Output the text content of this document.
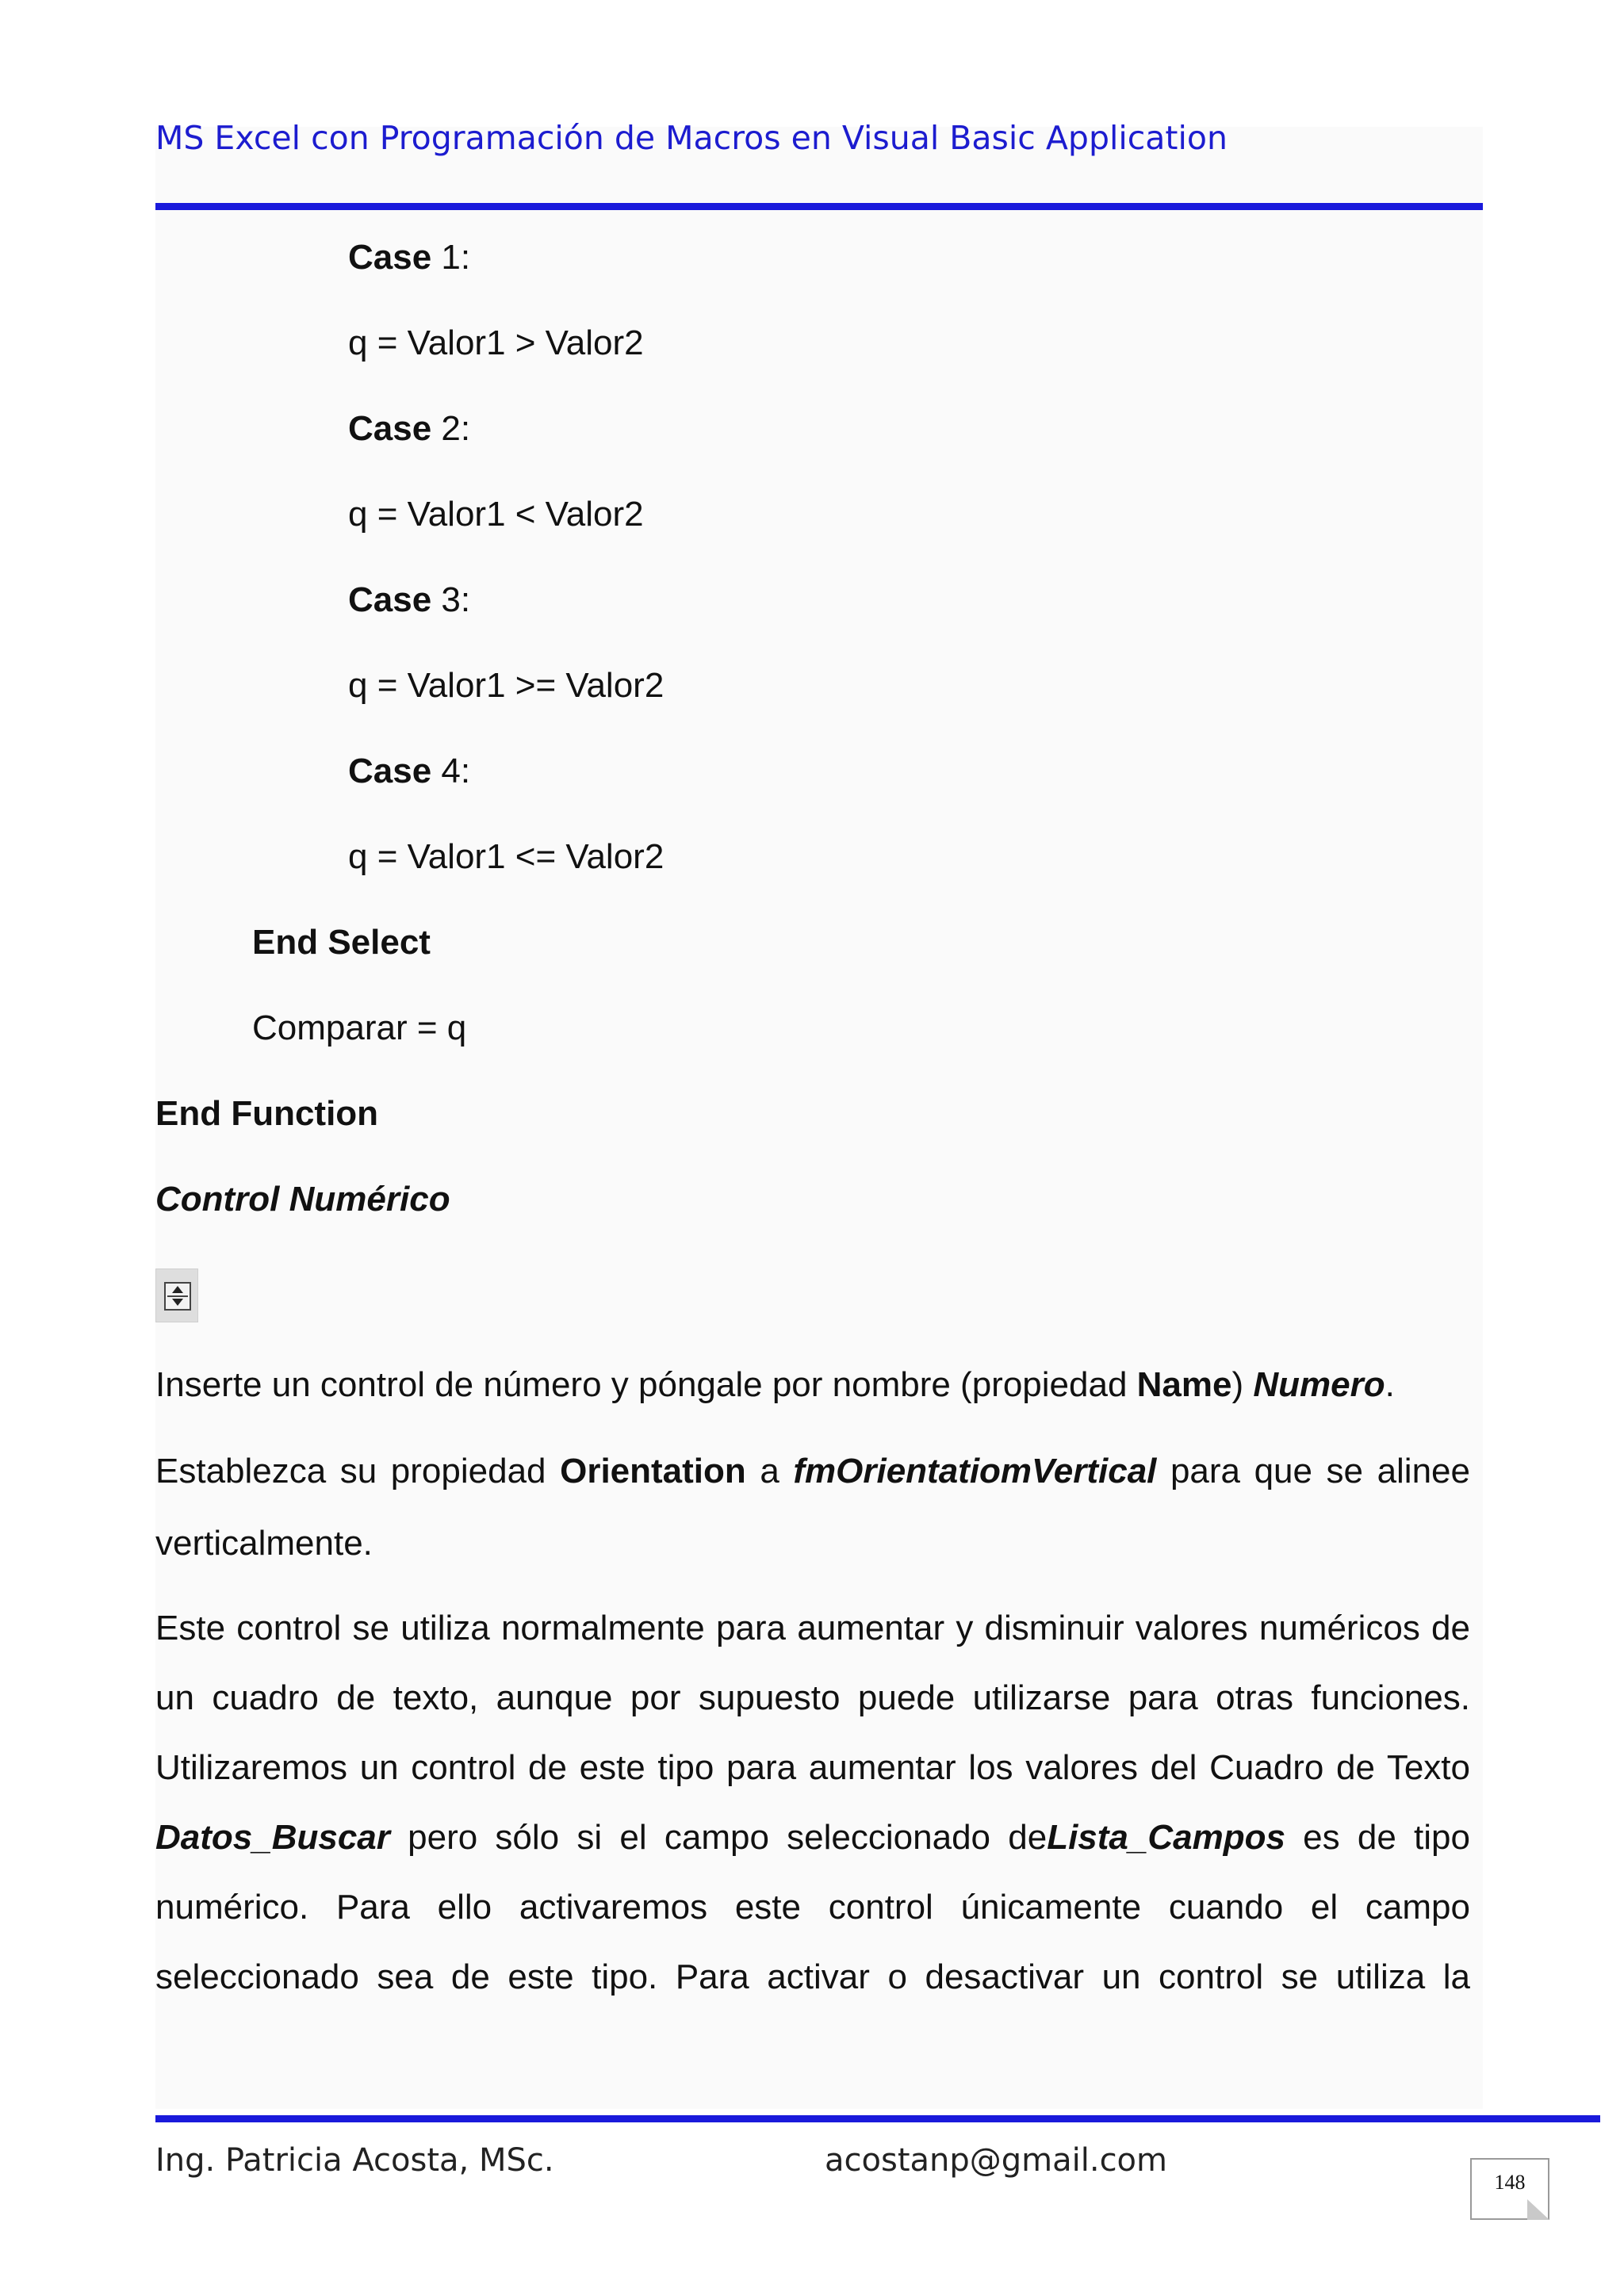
MS Excel con Programación de Macros en Visual Basic Application
Case 1:
q = Valor1 > Valor2
Case 2:
q = Valor1 < Valor2
Case 3:
q = Valor1 >= Valor2
Case 4:
q = Valor1 <= Valor2
End Select
Comparar = q
End Function
Control Numérico
Inserte un control de número y póngale por nombre (propiedad Name) Numero.
Establezca su propiedad Orientation a fmOrientatiomVertical para que se alinee
verticalmente.
Este control se utiliza normalmente para aumentar y disminuir valores numéricos de
un cuadro de texto, aunque por supuesto puede utilizarse para otras funciones.
Utilizaremos un control de este tipo para aumentar los valores del Cuadro de Texto
Datos_Buscar pero sólo si el campo seleccionado deLista_Campos es de tipo
numérico. Para ello activaremos este control únicamente cuando el campo
seleccionado sea de este tipo. Para activar o desactivar un control se utiliza la
Ing. Patricia Acosta, MSc.	acostanp@gmail.com
148
